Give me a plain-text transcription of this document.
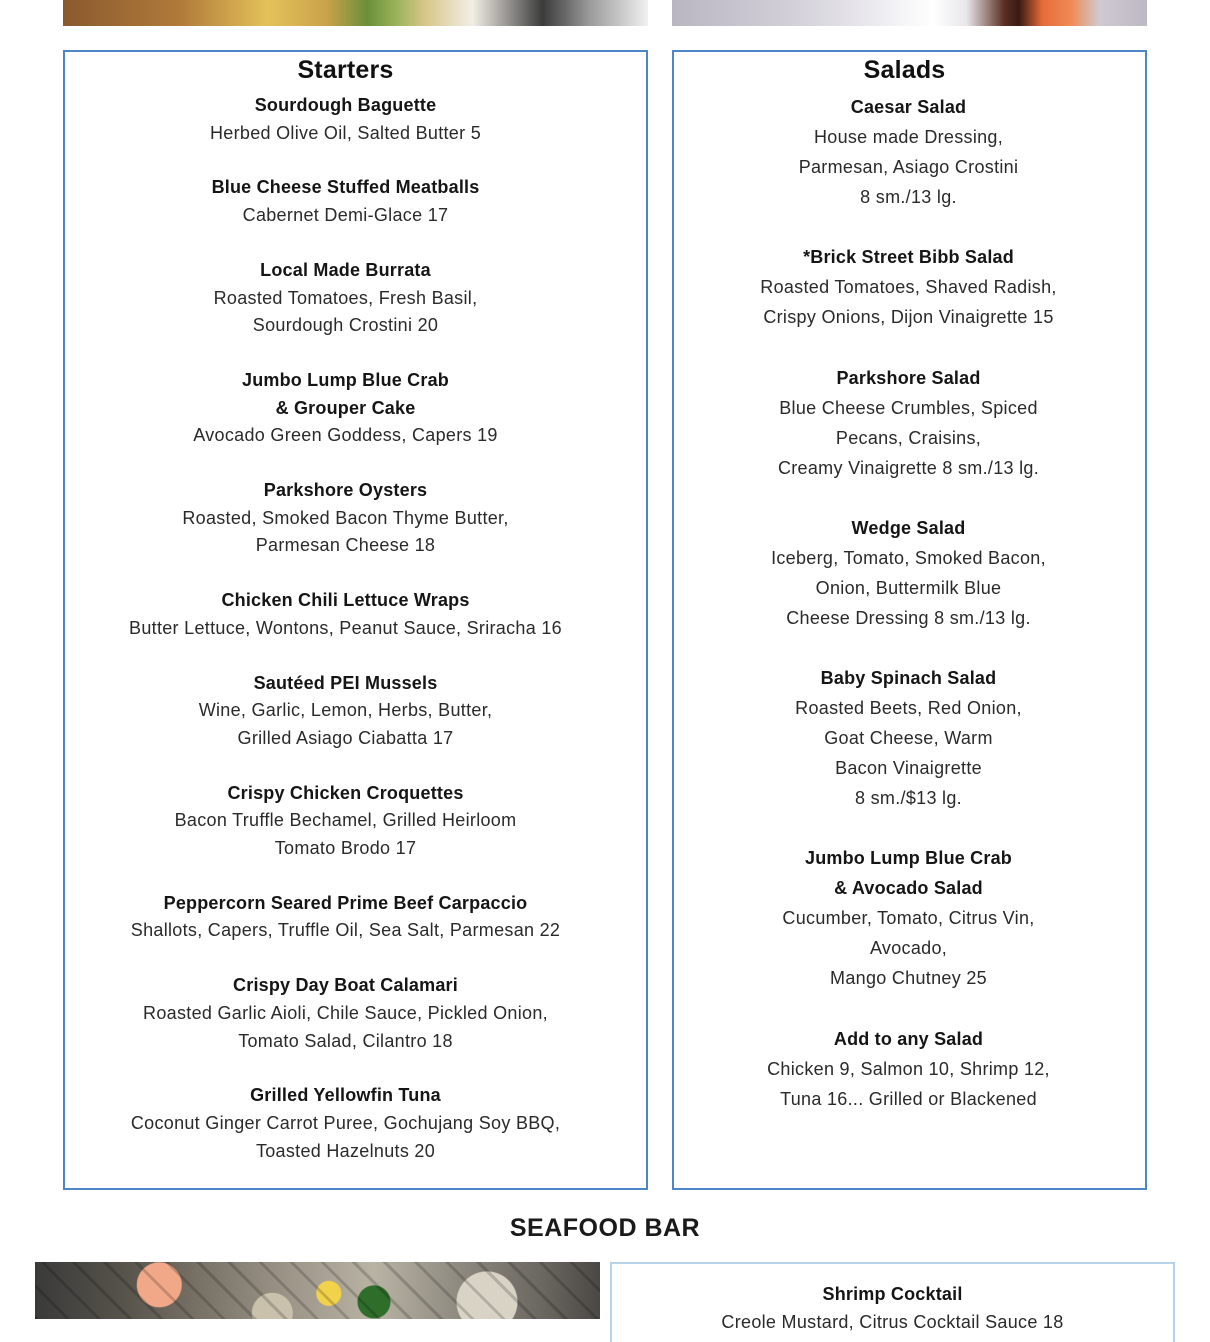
Starters
Sourdough Baguette
Herbed Olive Oil, Salted Butter 5
Blue Cheese Stuffed Meatballs
Cabernet Demi-Glace 17
Local Made Burrata
Roasted Tomatoes, Fresh Basil,
Sourdough Crostini 20
Jumbo Lump Blue Crab
& Grouper Cake
Avocado Green Goddess, Capers 19
Parkshore Oysters
Roasted, Smoked Bacon Thyme Butter,
Parmesan Cheese 18
Chicken Chili Lettuce Wraps
Butter Lettuce, Wontons, Peanut Sauce, Sriracha 16
Sautéed PEI Mussels
Wine, Garlic, Lemon, Herbs, Butter,
Grilled Asiago Ciabatta 17
Crispy Chicken Croquettes
Bacon Truffle Bechamel, Grilled Heirloom
Tomato Brodo 17
Peppercorn Seared Prime Beef Carpaccio
Shallots, Capers, Truffle Oil, Sea Salt, Parmesan 22
Crispy Day Boat Calamari
Roasted Garlic Aioli, Chile Sauce, Pickled Onion,
Tomato Salad, Cilantro 18
Grilled Yellowfin Tuna
Coconut Ginger Carrot Puree, Gochujang Soy BBQ,
Toasted Hazelnuts 20
Salads
Caesar Salad
House made Dressing,
Parmesan, Asiago Crostini
8 sm./13 lg.
*Brick Street Bibb Salad
Roasted Tomatoes, Shaved Radish,
Crispy Onions, Dijon Vinaigrette 15
Parkshore Salad
Blue Cheese Crumbles, Spiced
Pecans, Craisins,
Creamy Vinaigrette 8 sm./13 lg.
Wedge Salad
Iceberg, Tomato, Smoked Bacon,
Onion, Buttermilk Blue
Cheese Dressing 8 sm./13 lg.
Baby Spinach Salad
Roasted Beets, Red Onion,
Goat Cheese, Warm
Bacon Vinaigrette
8 sm./$13 lg.
Jumbo Lump Blue Crab
& Avocado Salad
Cucumber, Tomato, Citrus Vin,
Avocado,
Mango Chutney 25
Add to any Salad
Chicken 9, Salmon 10, Shrimp 12,
Tuna 16... Grilled or Blackened
SEAFOOD BAR
Shrimp Cocktail
Creole Mustard, Citrus Cocktail Sauce 18
